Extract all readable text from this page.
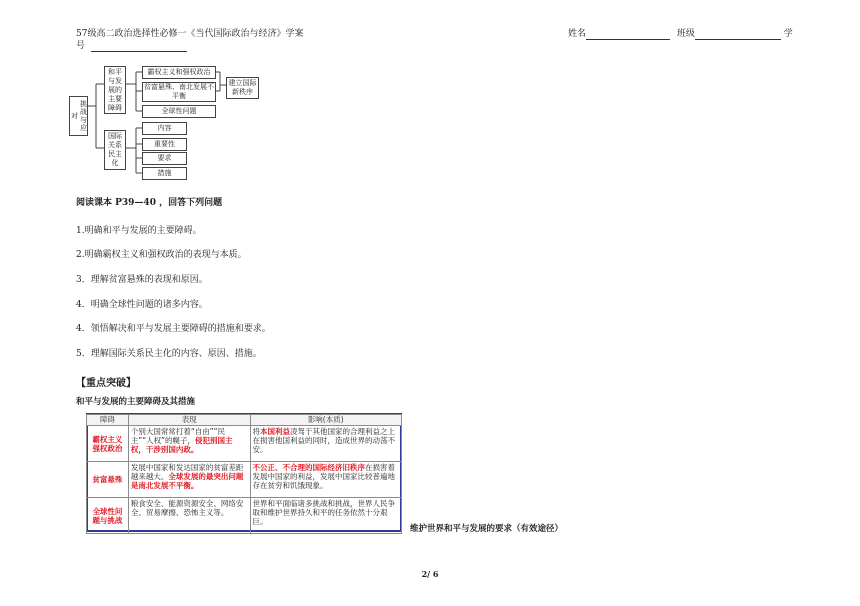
57级高二政治选择性必修一《当代国际政治与经济》学案	姓名	班级	学
号
挑战与应对
和平与发展的主要障碍
霸权主义和强权政治
贫富悬殊、南北发展不平衡
全球性问题
建立国际新秩序
国际关系民主化
内容
重要性
要求
措施
阅读课本 P39—40 ，回答下列问题
1.明确和平与发展的主要障碍。
2.明确霸权主义和强权政治的表现与本质。
3．理解贫富悬殊的表现和原因。
4．明确全球性问题的诸多内容。
4．领悟解决和平与发展主要障碍的措施和要求。
5．理解国际关系民主化的内容、原因、措施。
【重点突破】
和平与发展的主要障碍及其措施
障碍	表现	影响(本质)
霸权主义强权政治	个别大国常常打着“自由”“民主”“人权”的幌子，侵犯别国主权，干涉别国内政。	将本国利益凌驾于其他国家的合理利益之上在损害他国利益的同时，造成世界的动荡不安。
贫富悬殊	发展中国家和发达国家的贫富差距越来越大。全球发展的最突出问题是南北发展不平衡。	不公正、不合理的国际经济旧秩序在损害着发展中国家的利益，发展中国家比较普遍地存在贫穷和饥饿现象。
全球性问题与挑战	粮食安全、能源资源安全、网络安全、贸易摩擦、恐怖主义等。	世界和平面临诸多挑战和挑战，世界人民争取和维护世界持久和平的任务依然十分艰巨。
维护世界和平与发展的要求（有效途径）
2/ 6
